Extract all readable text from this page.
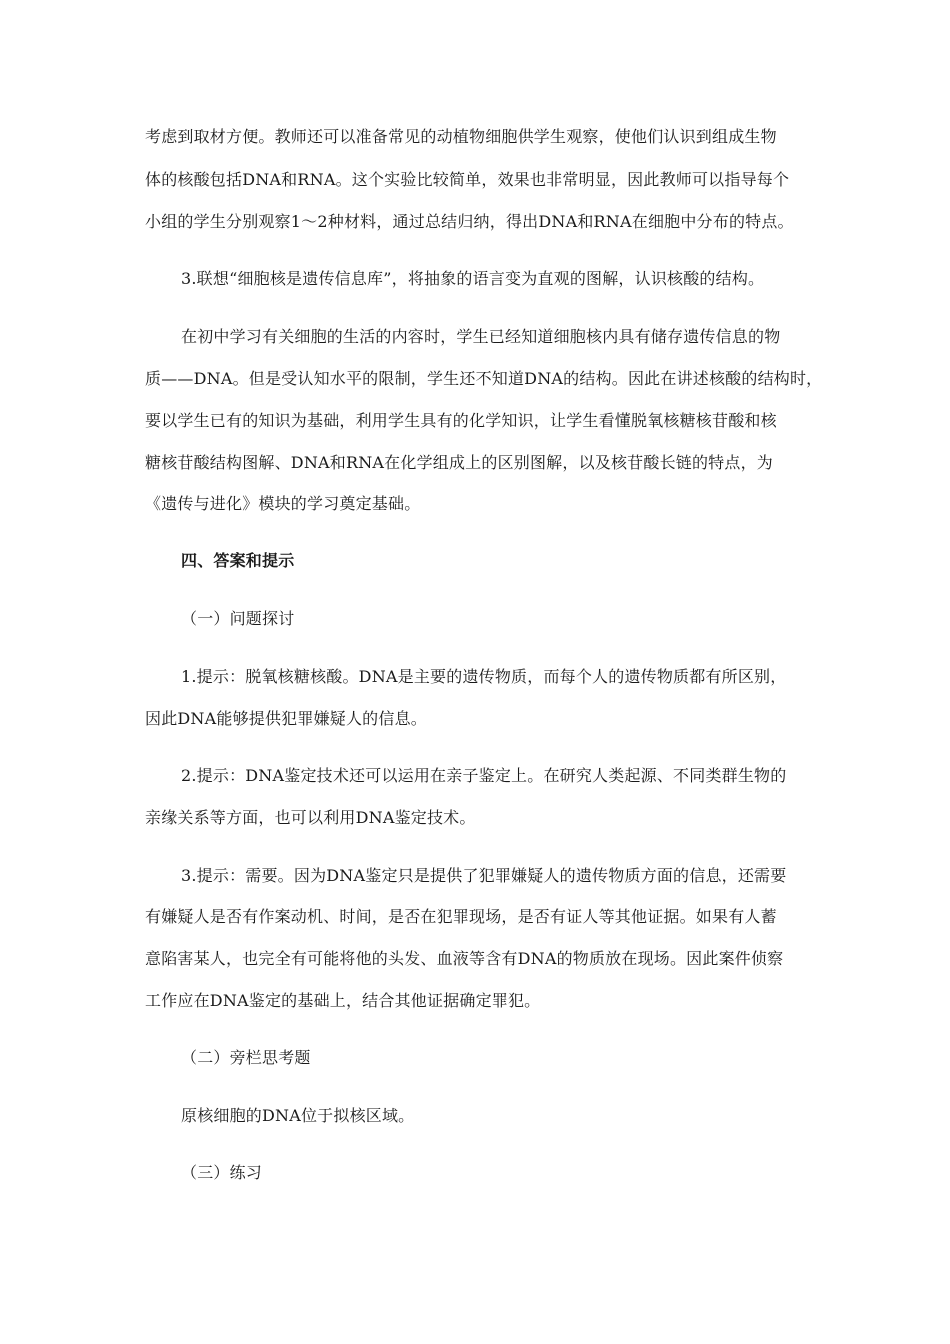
考虑到取材方便。教师还可以准备常见的动植物细胞供学生观察，使他们认识到组成生物
体的核酸包括DNA和RNA。这个实验比较简单，效果也非常明显，因此教师可以指导每个
小组的学生分别观察1～2种材料，通过总结归纳，得出DNA和RNA在细胞中分布的特点。
3.联想“细胞核是遗传信息库”，将抽象的语言变为直观的图解，认识核酸的结构。
在初中学习有关细胞的生活的内容时，学生已经知道细胞核内具有储存遗传信息的物
质——DNA。但是受认知水平的限制，学生还不知道DNA的结构。因此在讲述核酸的结构时，
要以学生已有的知识为基础，利用学生具有的化学知识，让学生看懂脱氧核糖核苷酸和核
糖核苷酸结构图解、DNA和RNA在化学组成上的区别图解，以及核苷酸长链的特点，为
《遗传与进化》模块的学习奠定基础。
四、答案和提示
（一）问题探讨
1.提示：脱氧核糖核酸。DNA是主要的遗传物质，而每个人的遗传物质都有所区别，
因此DNA能够提供犯罪嫌疑人的信息。
2.提示：DNA鉴定技术还可以运用在亲子鉴定上。在研究人类起源、不同类群生物的
亲缘关系等方面，也可以利用DNA鉴定技术。
3.提示：需要。因为DNA鉴定只是提供了犯罪嫌疑人的遗传物质方面的信息，还需要
有嫌疑人是否有作案动机、时间，是否在犯罪现场，是否有证人等其他证据。如果有人蓄
意陷害某人，也完全有可能将他的头发、血液等含有DNA的物质放在现场。因此案件侦察
工作应在DNA鉴定的基础上，结合其他证据确定罪犯。
（二）旁栏思考题
原核细胞的DNA位于拟核区域。
（三）练习
